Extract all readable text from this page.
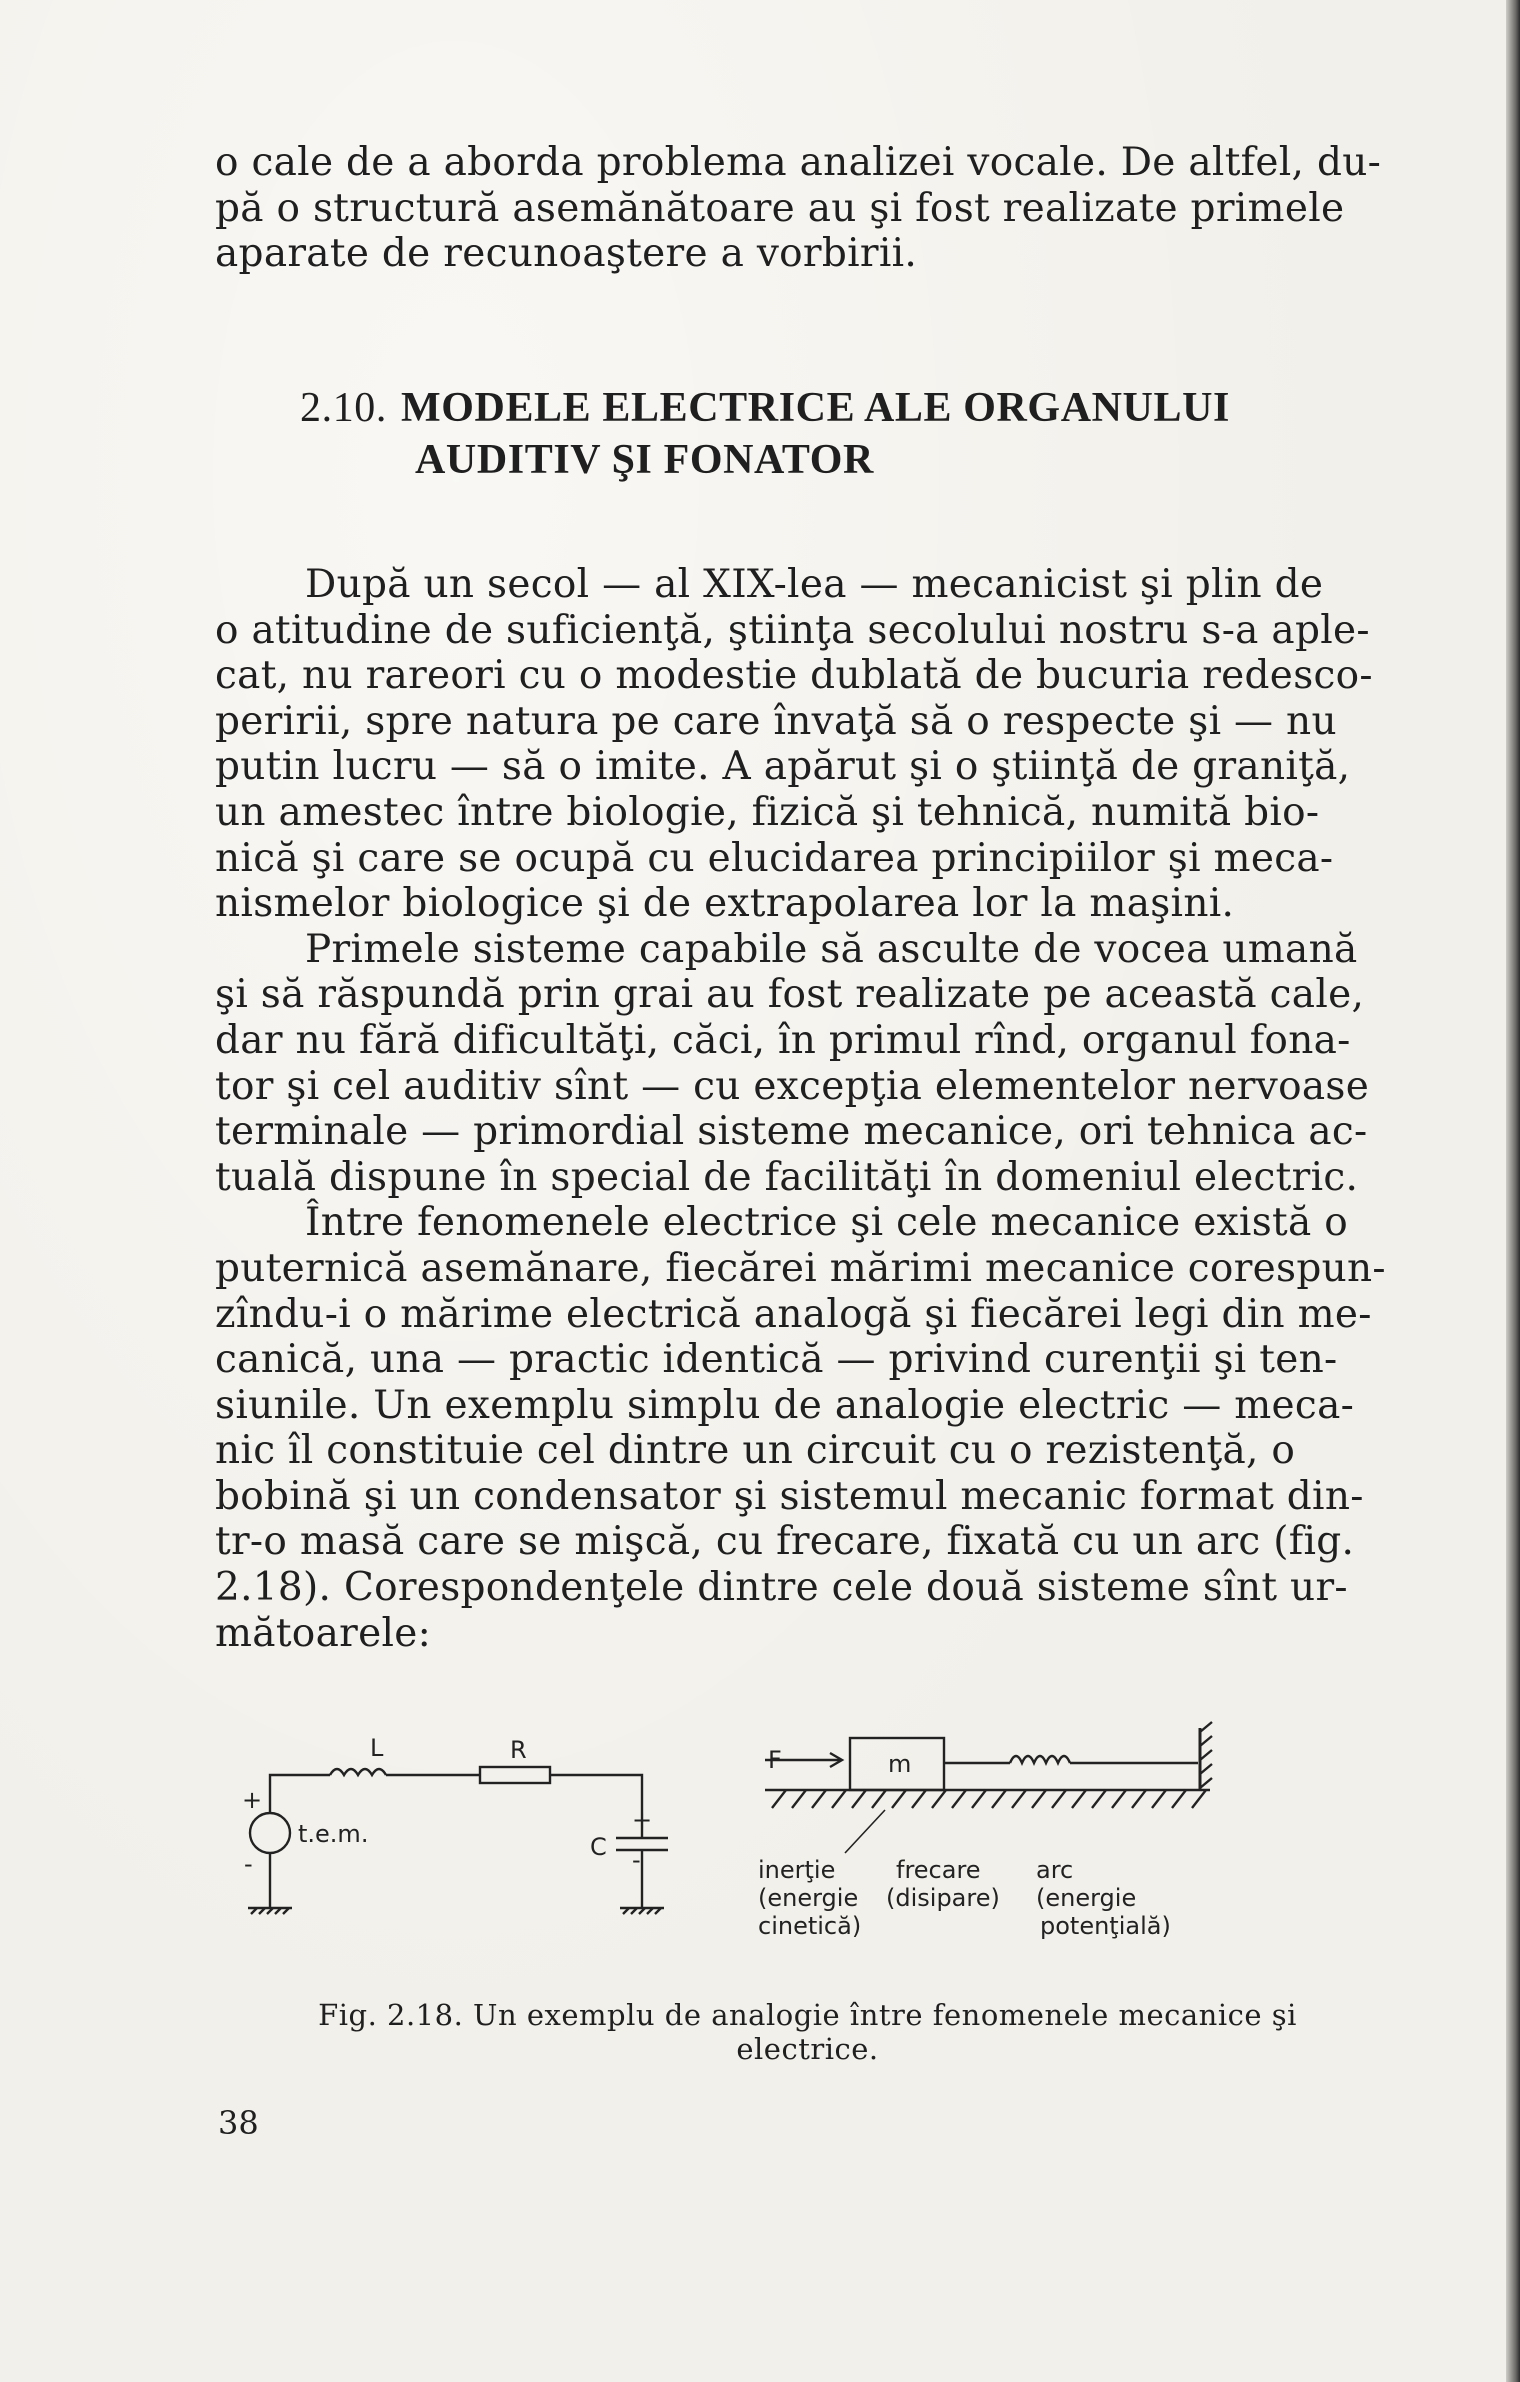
o cale de a aborda problema analizei vocale. De altfel, du-
pă o structură asemănătoare au şi fost realizate primele
aparate de recunoaştere a vorbirii.

2.10. MODELE ELECTRICE ALE ORGANULUI
AUDITIV ŞI FONATOR

După un secol — al XIX-lea — mecanicist şi plin de
o atitudine de suficienţă, ştiinţa secolului nostru s-a aple-
cat, nu rareori cu o modestie dublată de bucuria redesco-
peririi, spre natura pe care învaţă să o respecte şi — nu
putin lucru — să o imite. A apărut şi o ştiinţă de graniţă,
un amestec între biologie, fizică şi tehnică, numită bio-
nică şi care se ocupă cu elucidarea principiilor şi meca-
nismelor biologice şi de extrapolarea lor la maşini.

Primele sisteme capabile să asculte de vocea umană
şi să răspundă prin grai au fost realizate pe această cale,
dar nu fără dificultăţi, căci, în primul rînd, organul fona-
tor şi cel auditiv sînt — cu excepţia elementelor nervoase
terminale — primordial sisteme mecanice, ori tehnica ac-
tuală dispune în special de facilităţi în domeniul electric.

Între fenomenele electrice şi cele mecanice există o
puternică asemănare, fiecărei mărimi mecanice corespun-
zîndu-i o mărime electrică analogă şi fiecărei legi din me-
canică, una — practic identică — privind curenţii şi ten-
siunile. Un exemplu simplu de analogie electric — meca-
nic îl constituie cel dintre un circuit cu o rezistenţă, o
bobină şi un condensator şi sistemul mecanic format din-
tr-o masă care se mişcă, cu frecare, fixată cu un arc (fig.
2.18). Corespondenţele dintre cele două sisteme sînt ur-
mătoarele:

L	R
C
t.e.m.
+
-
+
-
F	m
inerţie
(energie
cinetică)
frecare
(disipare)
arc
(energie
potenţială)
Fig. 2.18. Un exemplu de analogie între fenomenele mecanice şi
electrice.
38
